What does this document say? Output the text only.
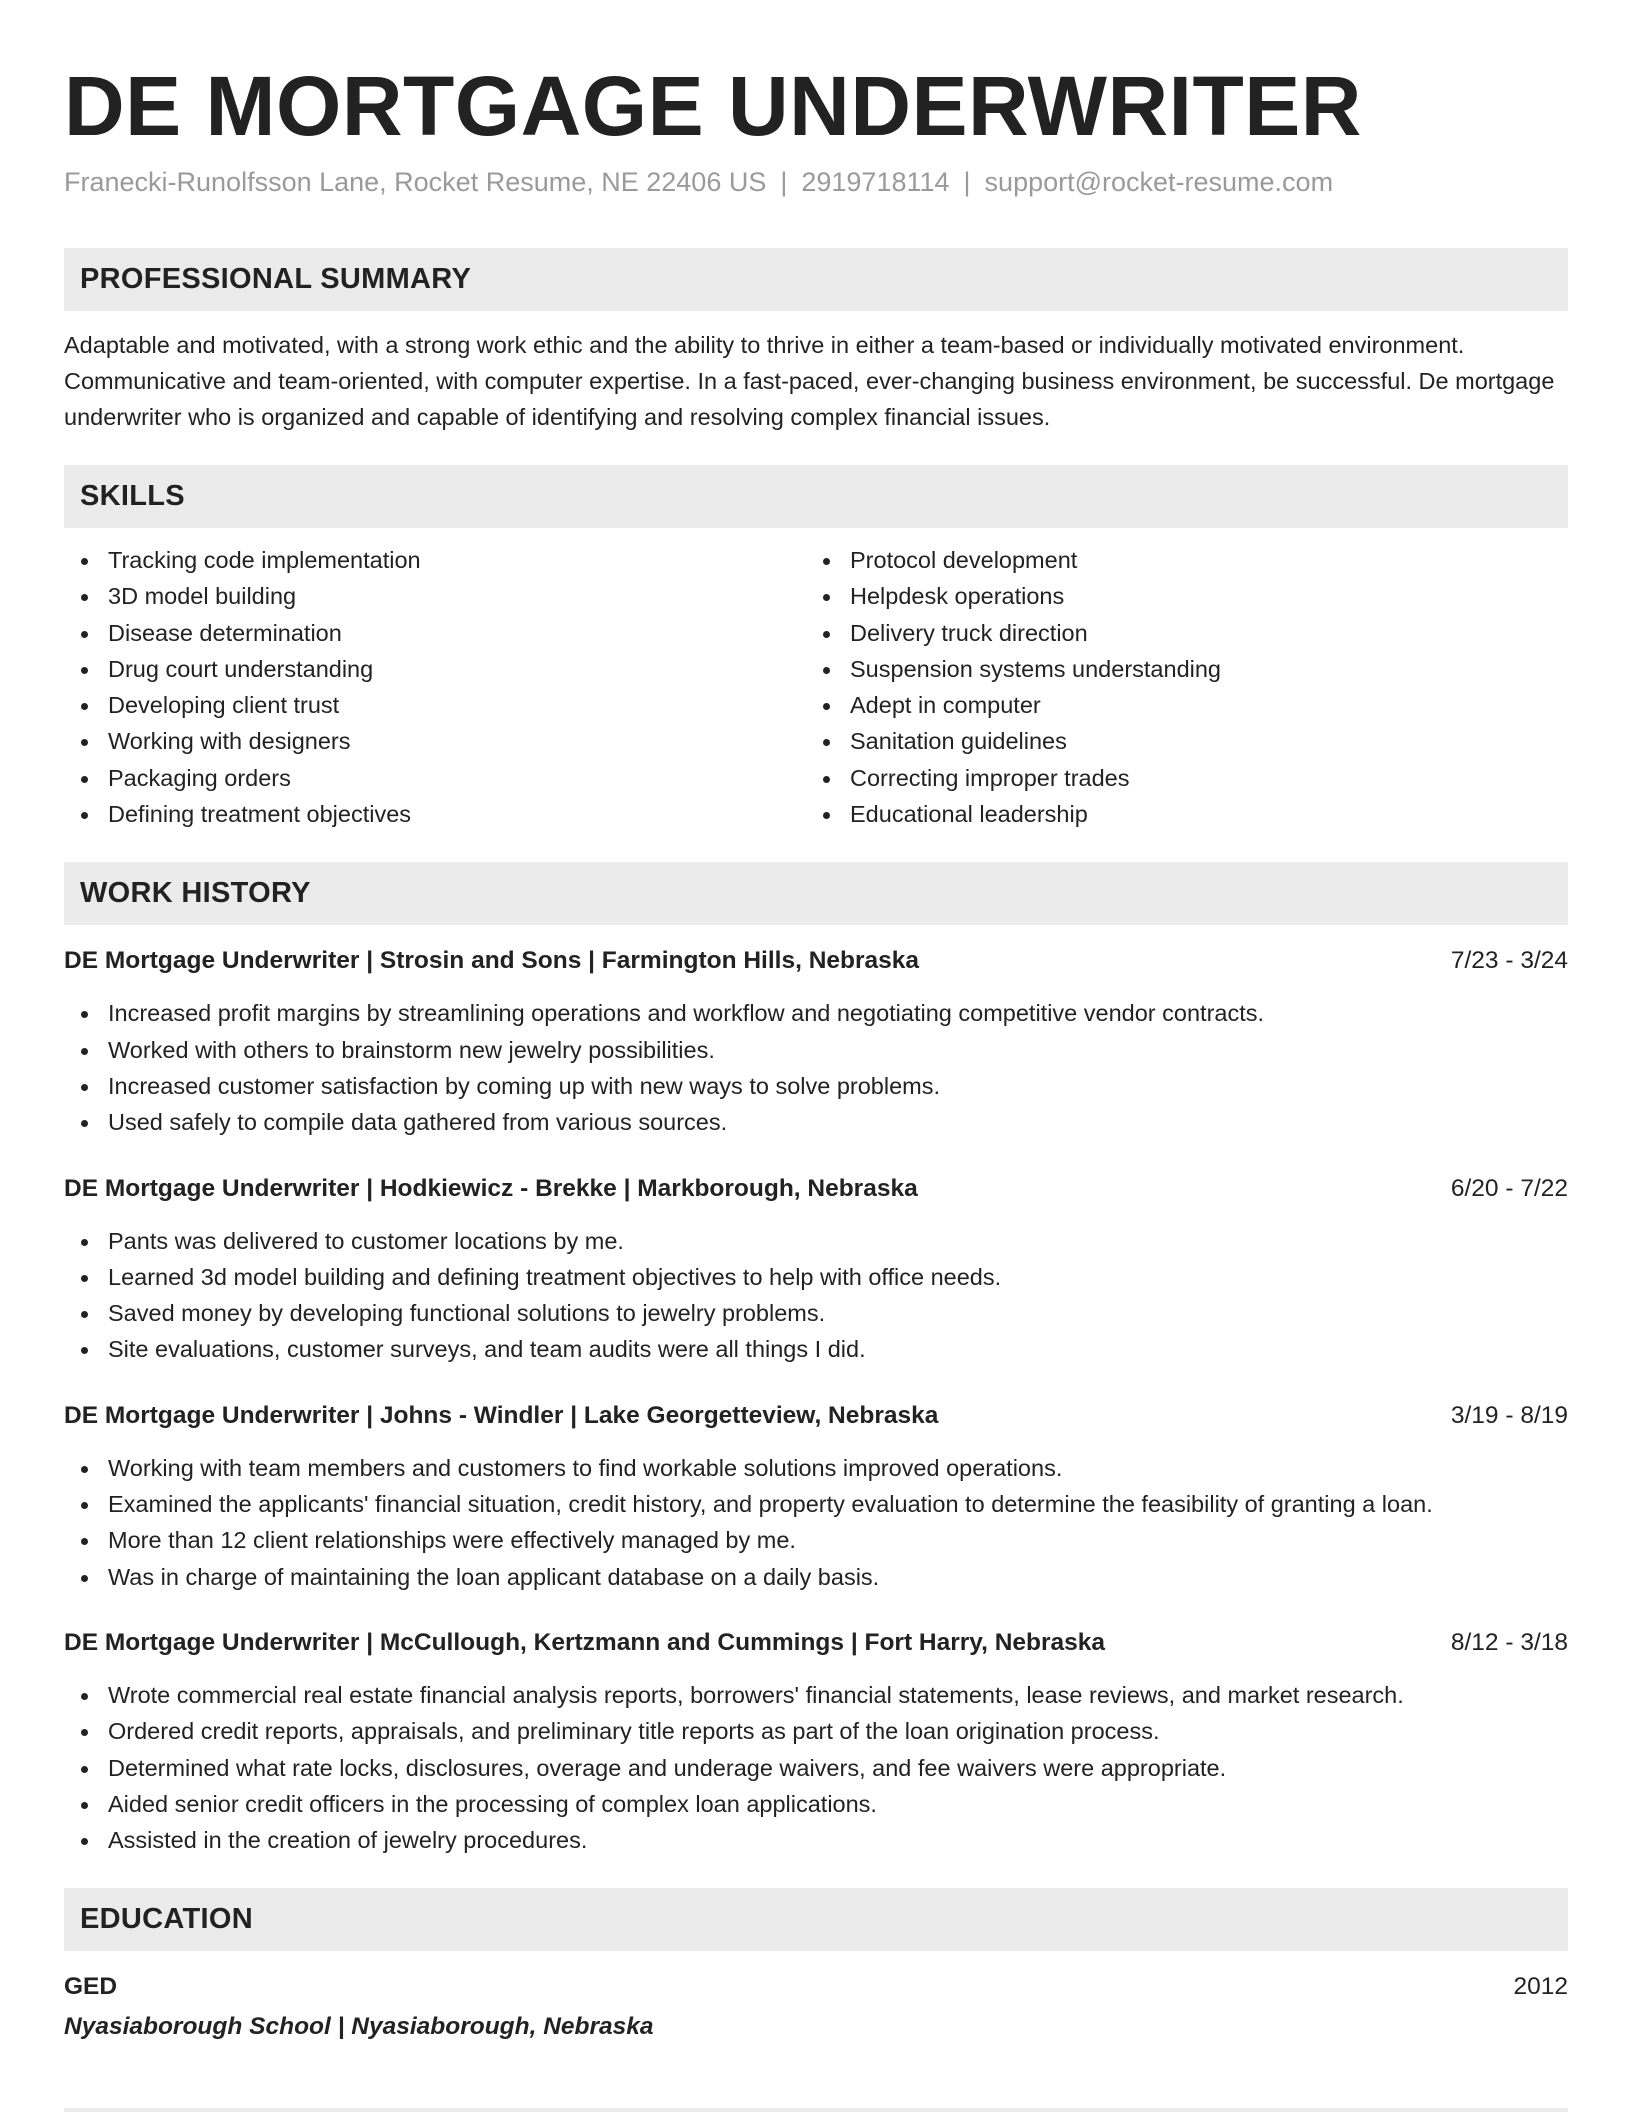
DE MORTGAGE UNDERWRITER
Franecki-Runolfsson Lane, Rocket Resume, NE 22406 US | 2919718114 | support@rocket-resume.com
PROFESSIONAL SUMMARY
Adaptable and motivated, with a strong work ethic and the ability to thrive in either a team-based or individually motivated environment. Communicative and team-oriented, with computer expertise. In a fast-paced, ever-changing business environment, be successful. De mortgage underwriter who is organized and capable of identifying and resolving complex financial issues.
SKILLS
Tracking code implementation
3D model building
Disease determination
Drug court understanding
Developing client trust
Working with designers
Packaging orders
Defining treatment objectives
Protocol development
Helpdesk operations
Delivery truck direction
Suspension systems understanding
Adept in computer
Sanitation guidelines
Correcting improper trades
Educational leadership
WORK HISTORY
DE Mortgage Underwriter | Strosin and Sons | Farmington Hills, Nebraska	7/23 - 3/24
Increased profit margins by streamlining operations and workflow and negotiating competitive vendor contracts.
Worked with others to brainstorm new jewelry possibilities.
Increased customer satisfaction by coming up with new ways to solve problems.
Used safely to compile data gathered from various sources.
DE Mortgage Underwriter | Hodkiewicz - Brekke | Markborough, Nebraska	6/20 - 7/22
Pants was delivered to customer locations by me.
Learned 3d model building and defining treatment objectives to help with office needs.
Saved money by developing functional solutions to jewelry problems.
Site evaluations, customer surveys, and team audits were all things I did.
DE Mortgage Underwriter | Johns - Windler | Lake Georgetteview, Nebraska	3/19 - 8/19
Working with team members and customers to find workable solutions improved operations.
Examined the applicants' financial situation, credit history, and property evaluation to determine the feasibility of granting a loan.
More than 12 client relationships were effectively managed by me.
Was in charge of maintaining the loan applicant database on a daily basis.
DE Mortgage Underwriter | McCullough, Kertzmann and Cummings | Fort Harry, Nebraska	8/12 - 3/18
Wrote commercial real estate financial analysis reports, borrowers' financial statements, lease reviews, and market research.
Ordered credit reports, appraisals, and preliminary title reports as part of the loan origination process.
Determined what rate locks, disclosures, overage and underage waivers, and fee waivers were appropriate.
Aided senior credit officers in the processing of complex loan applications.
Assisted in the creation of jewelry procedures.
EDUCATION
GED	2012
Nyasiaborough School | Nyasiaborough, Nebraska
